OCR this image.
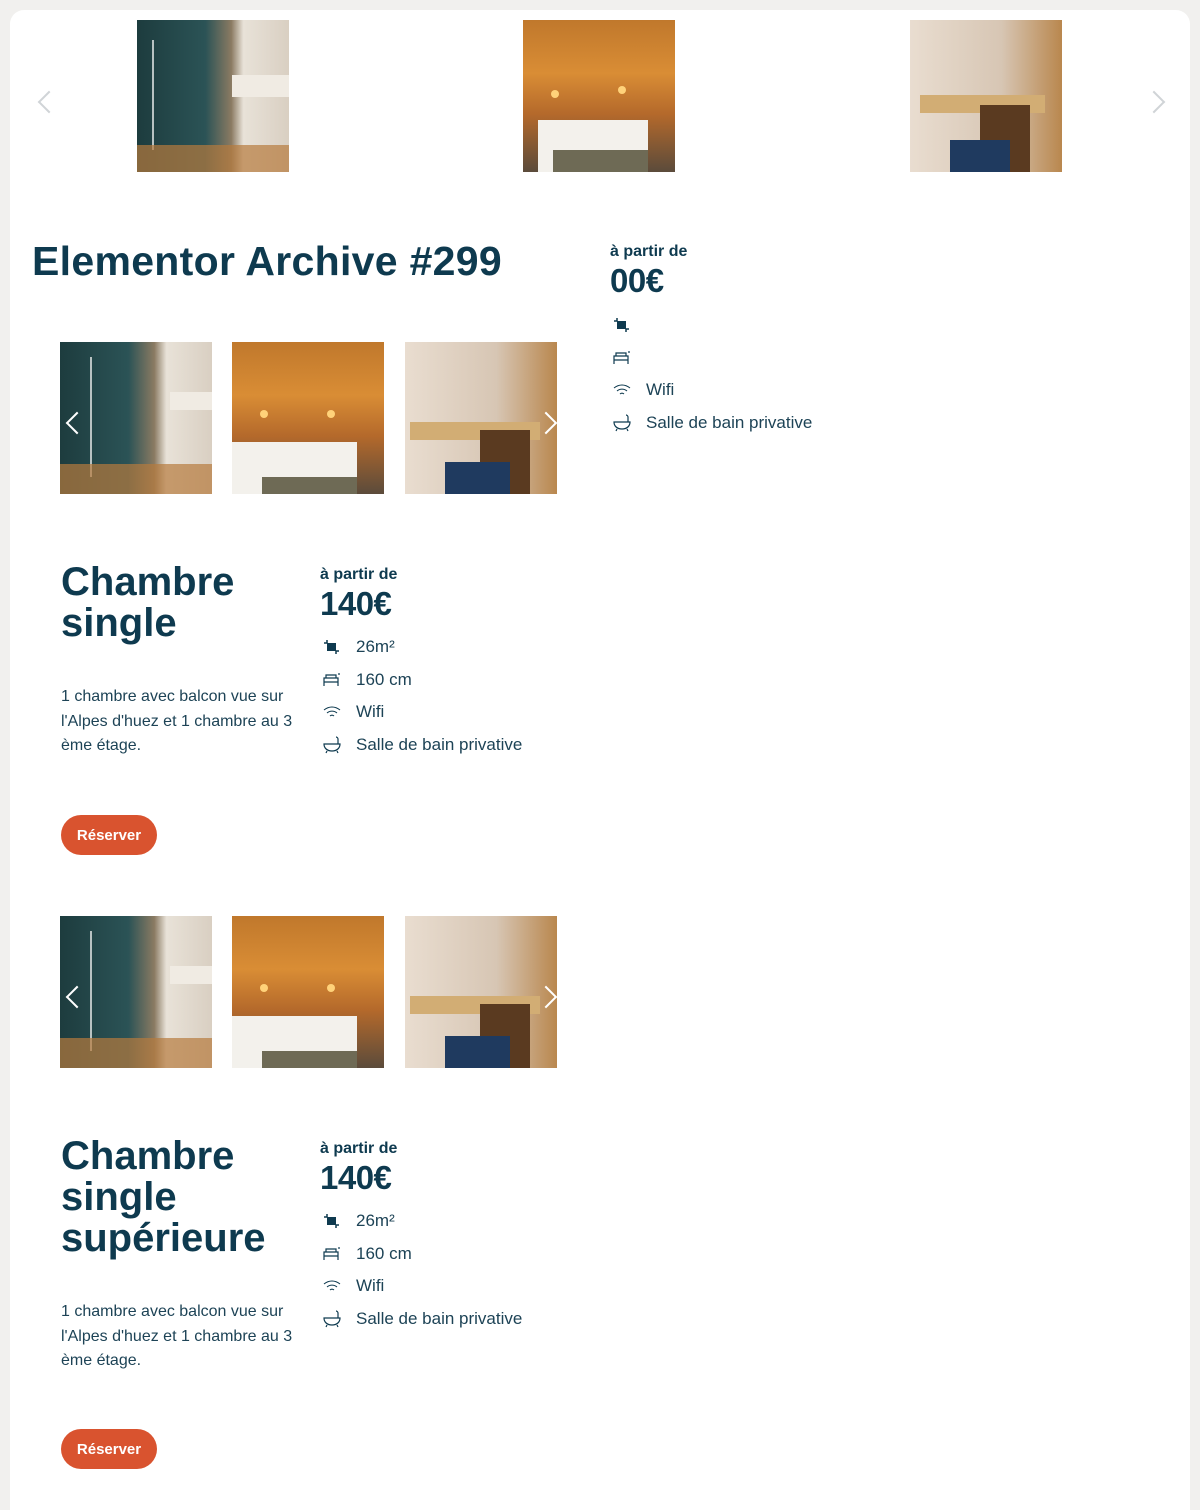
Elementor Archive #299	à partir de
00€
Wifi
Salle de bain privative
Chambre single
1 chambre avec balcon vue sur l'Alpes d'huez et 1 chambre au 3 ème étage.
à partir de
140€
26m²
160 cm
Wifi
Salle de bain privative
Réserver
Chambre single supérieure
1 chambre avec balcon vue sur l'Alpes d'huez et 1 chambre au 3 ème étage.
à partir de
140€
26m²
160 cm
Wifi
Salle de bain privative
Réserver
